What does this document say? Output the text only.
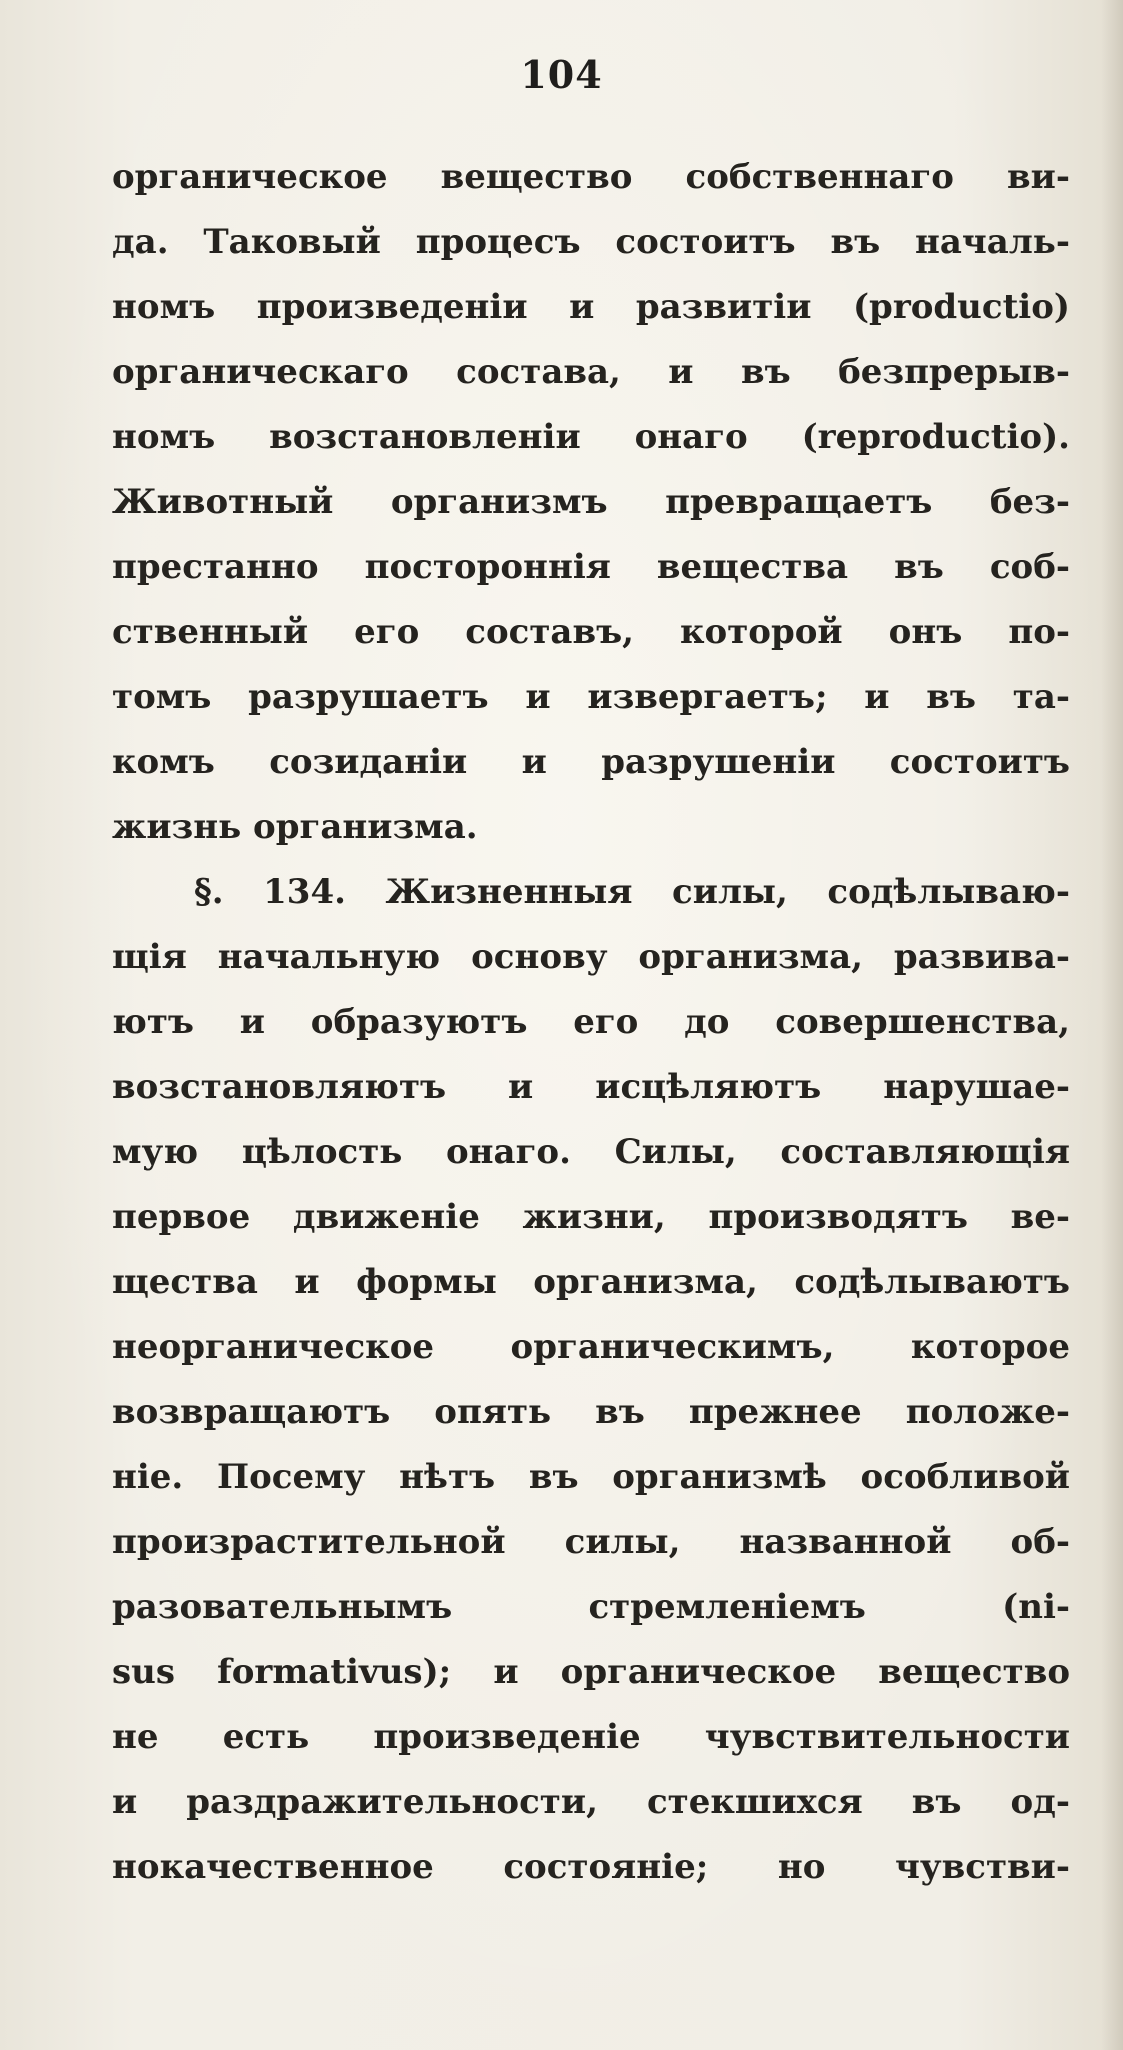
104
органическое вещество собственнаго ви-
да. Таковый процесъ состоитъ въ началь-
номъ произведенiи и развитiи (productio)
органическаго состава, и въ безпрерыв-
номъ возстановленiи онаго (reproductio).
Животный организмъ превращаетъ без-
престанно постороннiя вещества въ соб-
ственный его составъ, которой онъ по-
томъ разрушаетъ и извергаетъ; и въ та-
комъ созиданiи и разрушенiи состоитъ
жизнь организма.
§. 134. Жизненныя силы, содѣлываю-
щiя начальную основу организма, развива-
ютъ и образуютъ его до совершенства,
возстановляютъ и исцѣляютъ нарушае-
мую цѣлость онаго. Силы, составляющiя
первое движенiе жизни, производятъ ве-
щества и формы организма, содѣлываютъ
неорганическое органическимъ, которое
возвращаютъ опять въ прежнее положе-
нiе. Посему нѣтъ въ организмѣ особливой
произрастительной силы, названной об-
разовательнымъ стремленiемъ (ni-
sus formativus); и органическое вещество
не есть произведенiе чувствительности
и раздражительности, стекшихся въ од-
нокачественное состоянiе; но чувстви-
